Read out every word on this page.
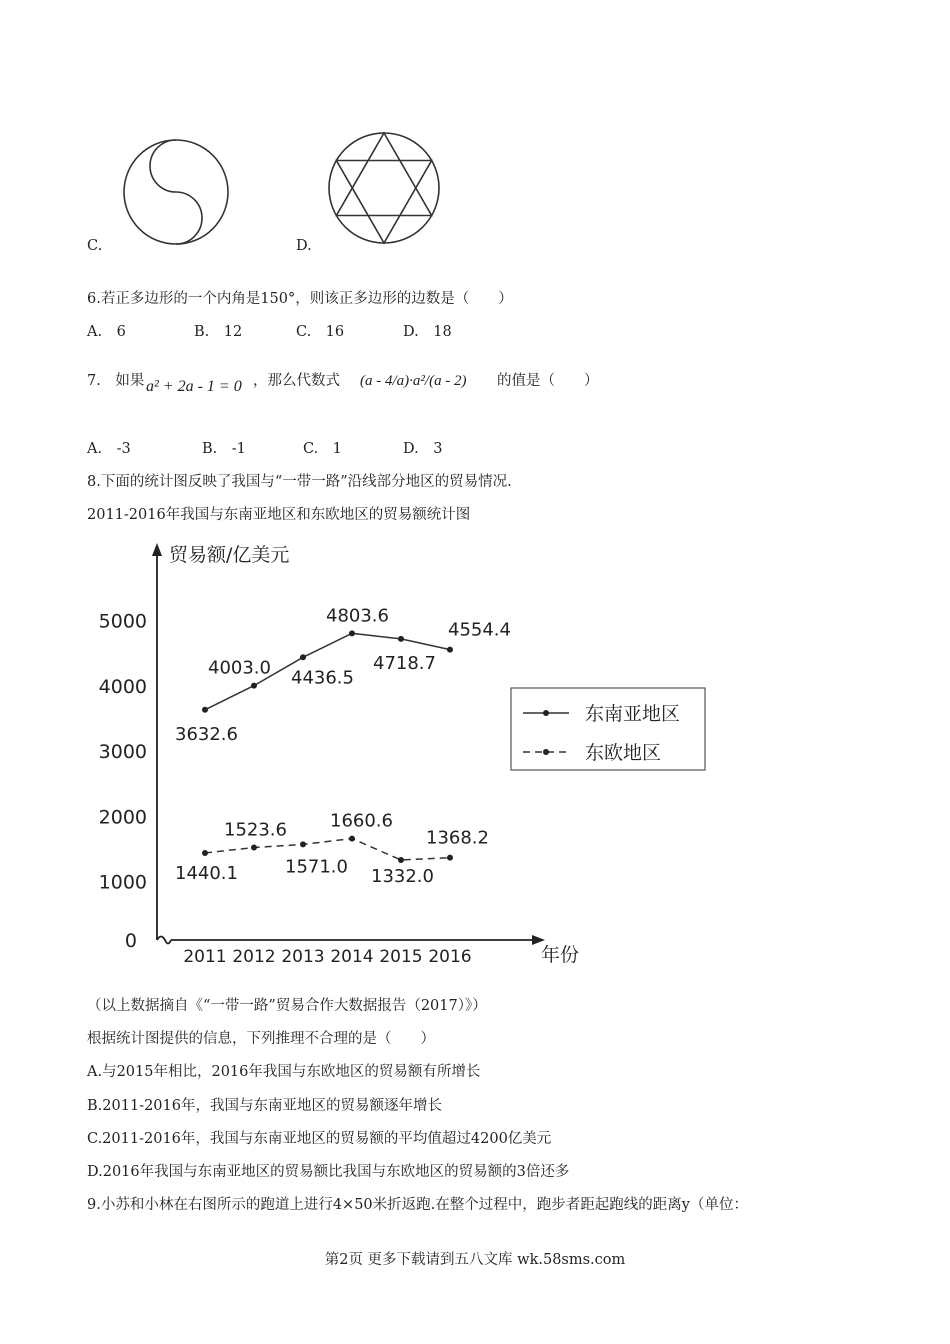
C.	D.
6.若正多边形的一个内角是150°，则该正多边形的边数是（　　）
A.　6	B.　12	C.　16	D.　18
7.　如果 a² + 2a - 1 = 0 ，那么代数式 (a - 4/a)·a²/(a - 2) 的值是（　　）
A.　-3	B.　-1	C.　1	D.　3
8.下面的统计图反映了我国与“一带一路”沿线部分地区的贸易情况.
2011-2016年我国与东南亚地区和东欧地区的贸易额统计图
贸易额/亿美元
年份
0
1000
2000
3000
4000
5000
2011 2012 2013 2014 2015 2016
3632.6
4003.0 4436.5
4803.6
4718.7
4554.4
1440.1
1523.6
1571.0
1660.6
1332.0
1368.2
东南亚地区
东欧地区
（以上数据摘自《“一带一路”贸易合作大数据报告（2017）》）
根据统计图提供的信息，下列推理不合理的是（　　）
A.与2015年相比，2016年我国与东欧地区的贸易额有所增长
B.2011-2016年，我国与东南亚地区的贸易额逐年增长
C.2011-2016年，我国与东南亚地区的贸易额的平均值超过4200亿美元
D.2016年我国与东南亚地区的贸易额比我国与东欧地区的贸易额的3倍还多
9.小苏和小林在右图所示的跑道上进行4×50米折返跑.在整个过程中，跑步者距起跑线的距离y（单位：
第2页 更多下载请到五八文库 wk.58sms.com
